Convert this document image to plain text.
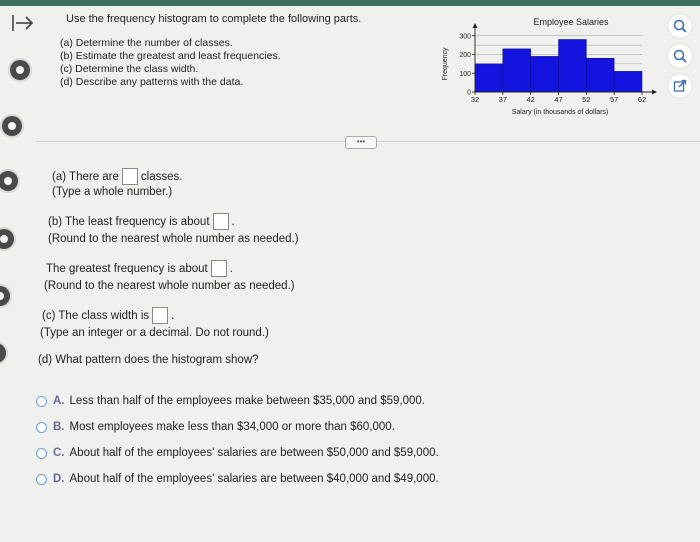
Use the frequency histogram to complete the following parts.
(a) Determine the number of classes.
(b) Estimate the greatest and least frequencies.
(c) Determine the class width.
(d) Describe any patterns with the data.
Employee Salaries
Frequency
Salary (in thousands of dollars)
0
100
200
300
32	37	42	47	52	57	62
•••
(a) There are classes.
(Type a whole number.)
(b) The least frequency is about .
(Round to the nearest whole number as needed.)
The greatest frequency is about .
(Round to the nearest whole number as needed.)
(c) The class width is .
(Type an integer or a decimal. Do not round.)
(d) What pattern does the histogram show?
A. Less than half of the employees make between $35,000 and $59,000.
B. Most employees make less than $34,000 or more than $60,000.
C. About half of the employees' salaries are between $50,000 and $59,000.
D. About half of the employees' salaries are between $40,000 and $49,000.
